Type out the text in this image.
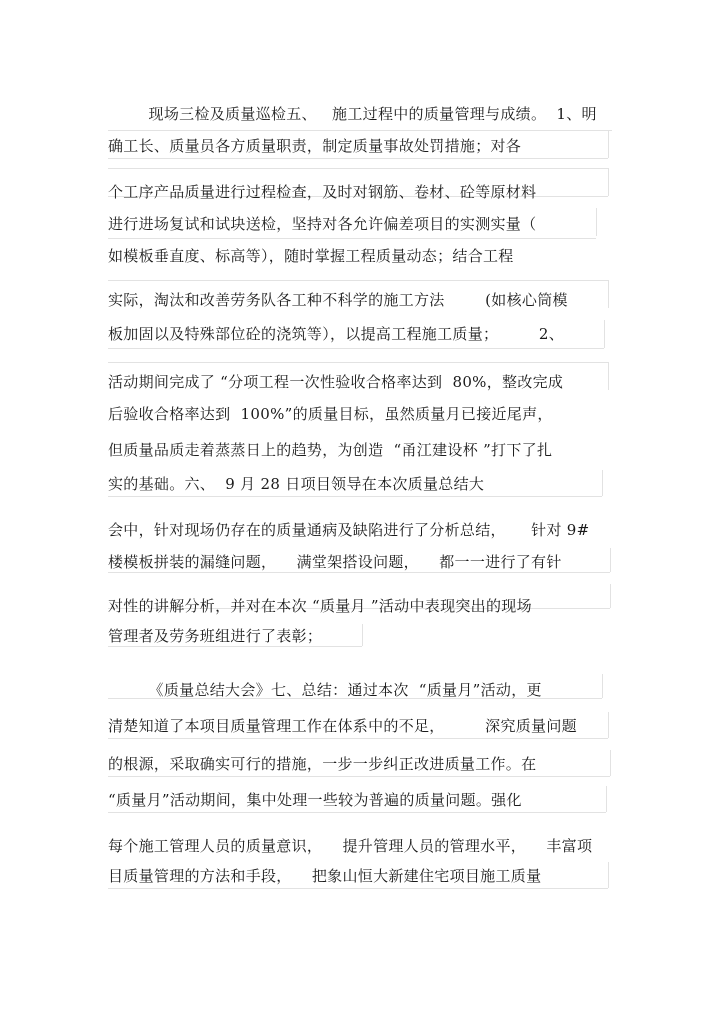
现场三检及质量巡检五、   施工过程中的质量管理与成绩。  1、明
确工长、质量员各方质量职责，制定质量事故处罚措施；对各
个工序产品质量进行过程检查，及时对钢筋、卷材、砼等原材料
进行进场复试和试块送检，坚持对各允许偏差项目的实测实量（
如模板垂直度、标高等），随时掌握工程质量动态；结合工程
实际，淘汰和改善劳务队各工种不科学的施工方法        (如核心筒模
板加固以及特殊部位砼的浇筑等），以提高工程施工质量；        2、
活动期间完成了 “分项工程一次性验收合格率达到  80%，整改完成
后验收合格率达到  100%”的质量目标，虽然质量月已接近尾声，
但质量品质走着蒸蒸日上的趋势，为创造  “甬江建设杯 ”打下了扎
实的基础。六、  9 月 28 日项目领导在本次质量总结大
会中，针对现场仍存在的质量通病及缺陷进行了分析总结，     针对 9#
楼模板拼装的漏缝问题，    满堂架搭设问题，    都一一进行了有针
对性的讲解分析，并对在本次 “质量月 ”活动中表现突出的现场
管理者及劳务班组进行了表彰；
《质量总结大会》七、总结：通过本次  “质量月”活动，更
清楚知道了本项目质量管理工作在体系中的不足，        深究质量问题
的根源，采取确实可行的措施，一步一步纠正改进质量工作。在
“质量月”活动期间，集中处理一些较为普遍的质量问题。强化
每个施工管理人员的质量意识，    提升管理人员的管理水平，    丰富项
目质量管理的方法和手段，    把象山恒大新建住宅项目施工质量
